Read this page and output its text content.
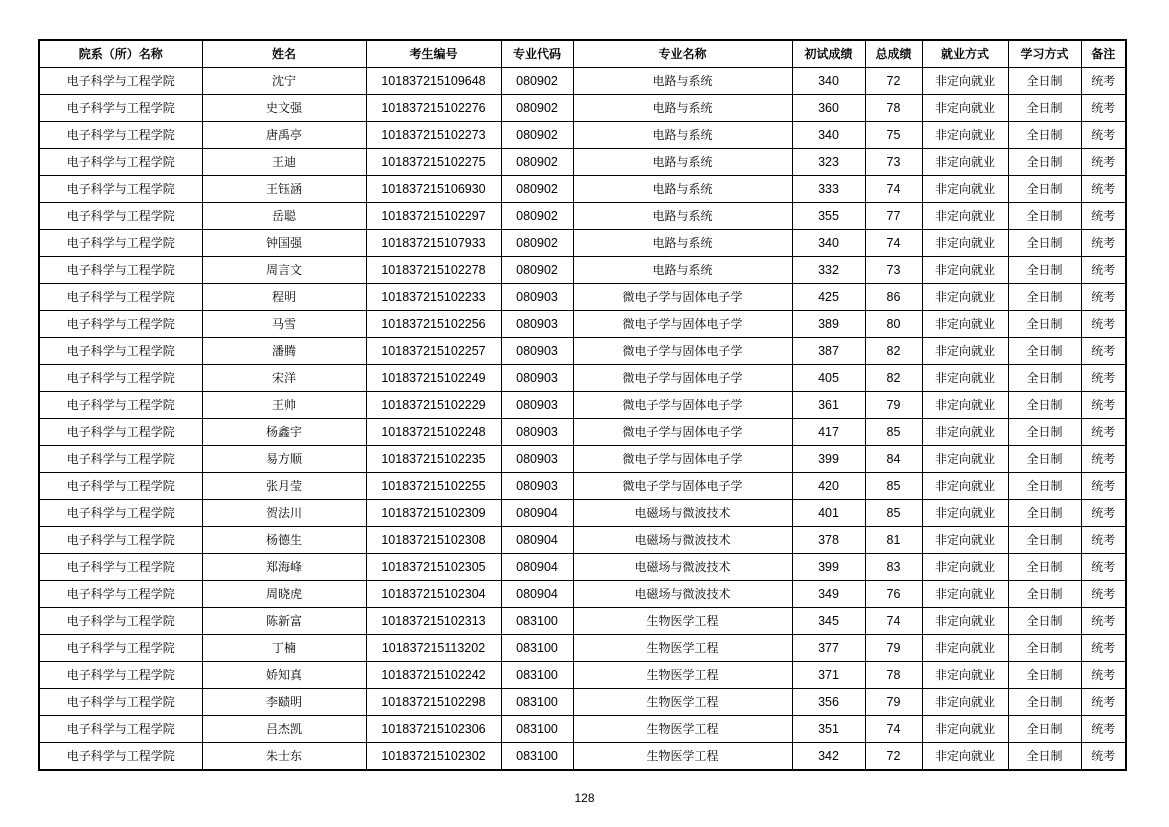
院系（所）名称	姓名	考生编号	专业代码	专业名称	初试成绩	总成绩	就业方式	学习方式	备注
电子科学与工程学院	沈宁	101837215109648	080902	电路与系统	340	72	非定向就业	全日制	统考
电子科学与工程学院	史文强	101837215102276	080902	电路与系统	360	78	非定向就业	全日制	统考
电子科学与工程学院	唐禹亭	101837215102273	080902	电路与系统	340	75	非定向就业	全日制	统考
电子科学与工程学院	王迪	101837215102275	080902	电路与系统	323	73	非定向就业	全日制	统考
电子科学与工程学院	王钰涵	101837215106930	080902	电路与系统	333	74	非定向就业	全日制	统考
电子科学与工程学院	岳聪	101837215102297	080902	电路与系统	355	77	非定向就业	全日制	统考
电子科学与工程学院	钟国强	101837215107933	080902	电路与系统	340	74	非定向就业	全日制	统考
电子科学与工程学院	周言文	101837215102278	080902	电路与系统	332	73	非定向就业	全日制	统考
电子科学与工程学院	程明	101837215102233	080903	微电子学与固体电子学	425	86	非定向就业	全日制	统考
电子科学与工程学院	马雪	101837215102256	080903	微电子学与固体电子学	389	80	非定向就业	全日制	统考
电子科学与工程学院	潘腾	101837215102257	080903	微电子学与固体电子学	387	82	非定向就业	全日制	统考
电子科学与工程学院	宋洋	101837215102249	080903	微电子学与固体电子学	405	82	非定向就业	全日制	统考
电子科学与工程学院	王帅	101837215102229	080903	微电子学与固体电子学	361	79	非定向就业	全日制	统考
电子科学与工程学院	杨鑫宇	101837215102248	080903	微电子学与固体电子学	417	85	非定向就业	全日制	统考
电子科学与工程学院	易方顺	101837215102235	080903	微电子学与固体电子学	399	84	非定向就业	全日制	统考
电子科学与工程学院	张月莹	101837215102255	080903	微电子学与固体电子学	420	85	非定向就业	全日制	统考
电子科学与工程学院	贺法川	101837215102309	080904	电磁场与微波技术	401	85	非定向就业	全日制	统考
电子科学与工程学院	杨德生	101837215102308	080904	电磁场与微波技术	378	81	非定向就业	全日制	统考
电子科学与工程学院	郑海峰	101837215102305	080904	电磁场与微波技术	399	83	非定向就业	全日制	统考
电子科学与工程学院	周晓虎	101837215102304	080904	电磁场与微波技术	349	76	非定向就业	全日制	统考
电子科学与工程学院	陈新富	101837215102313	083100	生物医学工程	345	74	非定向就业	全日制	统考
电子科学与工程学院	丁楠	101837215113202	083100	生物医学工程	377	79	非定向就业	全日制	统考
电子科学与工程学院	娇知真	101837215102242	083100	生物医学工程	371	78	非定向就业	全日制	统考
电子科学与工程学院	李赜明	101837215102298	083100	生物医学工程	356	79	非定向就业	全日制	统考
电子科学与工程学院	吕杰凯	101837215102306	083100	生物医学工程	351	74	非定向就业	全日制	统考
电子科学与工程学院	朱士东	101837215102302	083100	生物医学工程	342	72	非定向就业	全日制	统考
128
